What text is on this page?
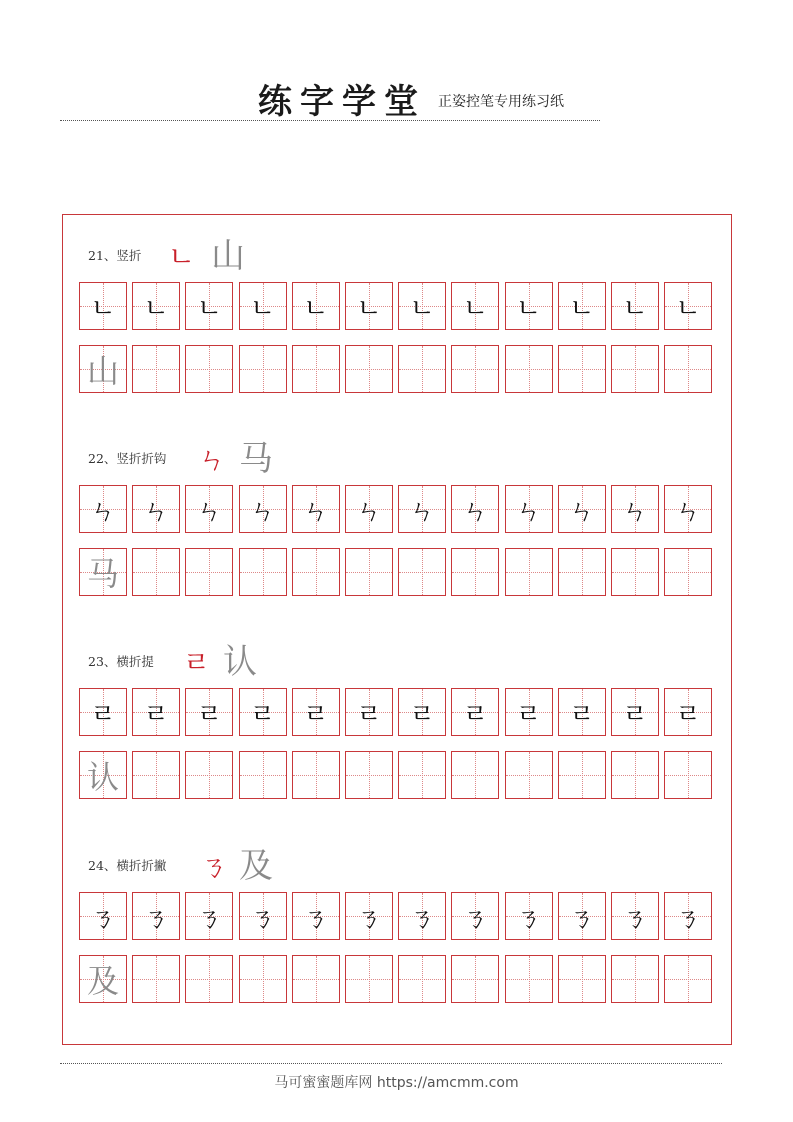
练字学堂 正姿控笔专用练习纸
21、竖折 ㄴ 山
ㄴ	ㄴ	ㄴ	ㄴ	ㄴ	ㄴ	ㄴ	ㄴ	ㄴ	ㄴ	ㄴ	ㄴ
山
22、竖折折钩 ㄣ 马
ㄣ	ㄣ	ㄣ	ㄣ	ㄣ	ㄣ	ㄣ	ㄣ	ㄣ	ㄣ	ㄣ	ㄣ
马
23、横折提 ㄹ 认
ㄹ	ㄹ	ㄹ	ㄹ	ㄹ	ㄹ	ㄹ	ㄹ	ㄹ	ㄹ	ㄹ	ㄹ
认
24、横折折撇 ㄋ 及
ㄋ	ㄋ	ㄋ	ㄋ	ㄋ	ㄋ	ㄋ	ㄋ	ㄋ	ㄋ	ㄋ	ㄋ
及
马可蜜蜜题库网 https://amcmm.com
